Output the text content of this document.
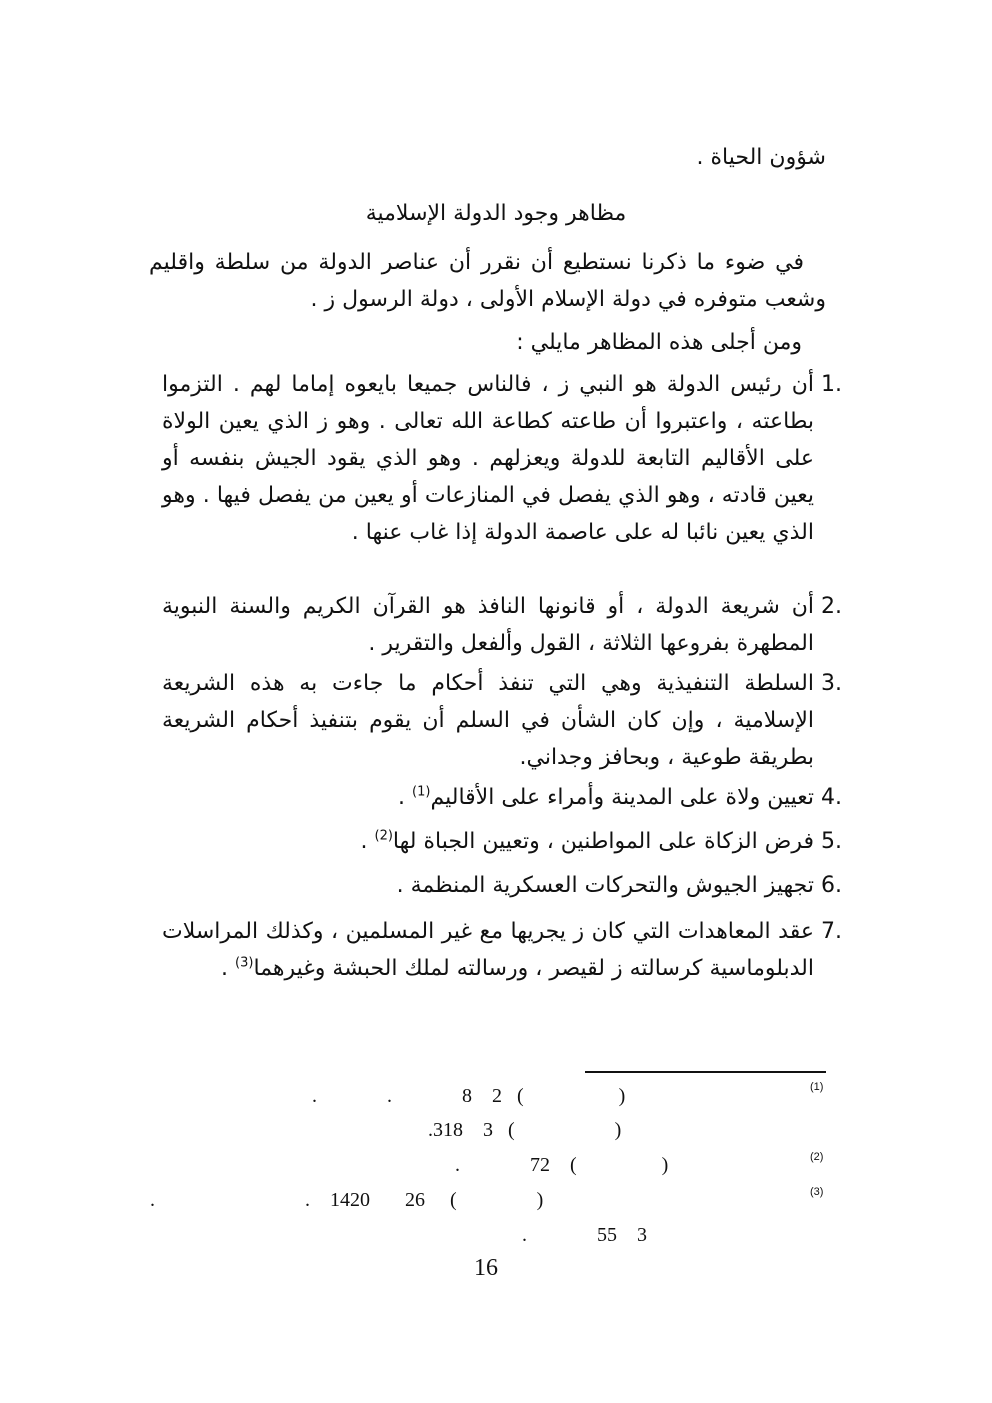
شؤون الحياة .

مظاهر وجود الدولة الإسلامية

في ضوء ما ذكرنا نستطيع أن نقرر أن عناصر الدولة من سلطة واقليم وشعب متوفره في دولة الإسلام الأولى ، دولة الرسول ز .

ومن أجلى هذه المظاهر مايلي :

1.

أن رئيس الدولة هو النبي ز ، فالناس جميعا بايعوه إماما لهم . التزموا بطاعته ، واعتبروا أن طاعته كطاعة الله تعالى . وهو ز الذي يعين الولاة على الأقاليم التابعة للدولة ويعزلهم . وهو الذي يقود الجيش بنفسه أو يعين قادته ، وهو الذي يفصل في المنازعات أو يعين من يفصل فيها . وهو الذي يعين نائبا له على عاصمة الدولة إذا غاب عنها .

2.

أن شريعة الدولة ، أو قانونها النافذ هو القرآن الكريم والسنة النبوية المطهرة بفروعها الثلاثة ، القول وألفعل والتقرير .

3.

السلطة التنفيذية وهي التي تنفذ أحكام ما جاءت به هذه الشريعة الإسلامية ، وإن كان الشأن في السلم أن يقوم بتنفيذ أحكام الشريعة بطريقة طوعية ، وبحافز وجداني.

4.

تعيين ولاة على المدينة وأمراء على الأقاليم$^{(1)}$ .

5.

فرض الزكاة على المواطنين ، وتعيين الجباة لها$^{(2)}$ .

6.

تجهيز الجيوش والتحركات العسكرية المنظمة .

7.

عقد المعاهدات التي كان ز يجريها مع غير المسلمين ، وكذلك المراسلات الدبلوماسية كرسالته ز لقيصر ، ورسالته لملك الحبشة وغيرهما$^{(3)}$ .

(1)
.              .              8    2   (                   )
.318    3   (                    )
(2)
.              72    (                 )
(3)
.                              .    1420       26     (                )
.              55    3
16
